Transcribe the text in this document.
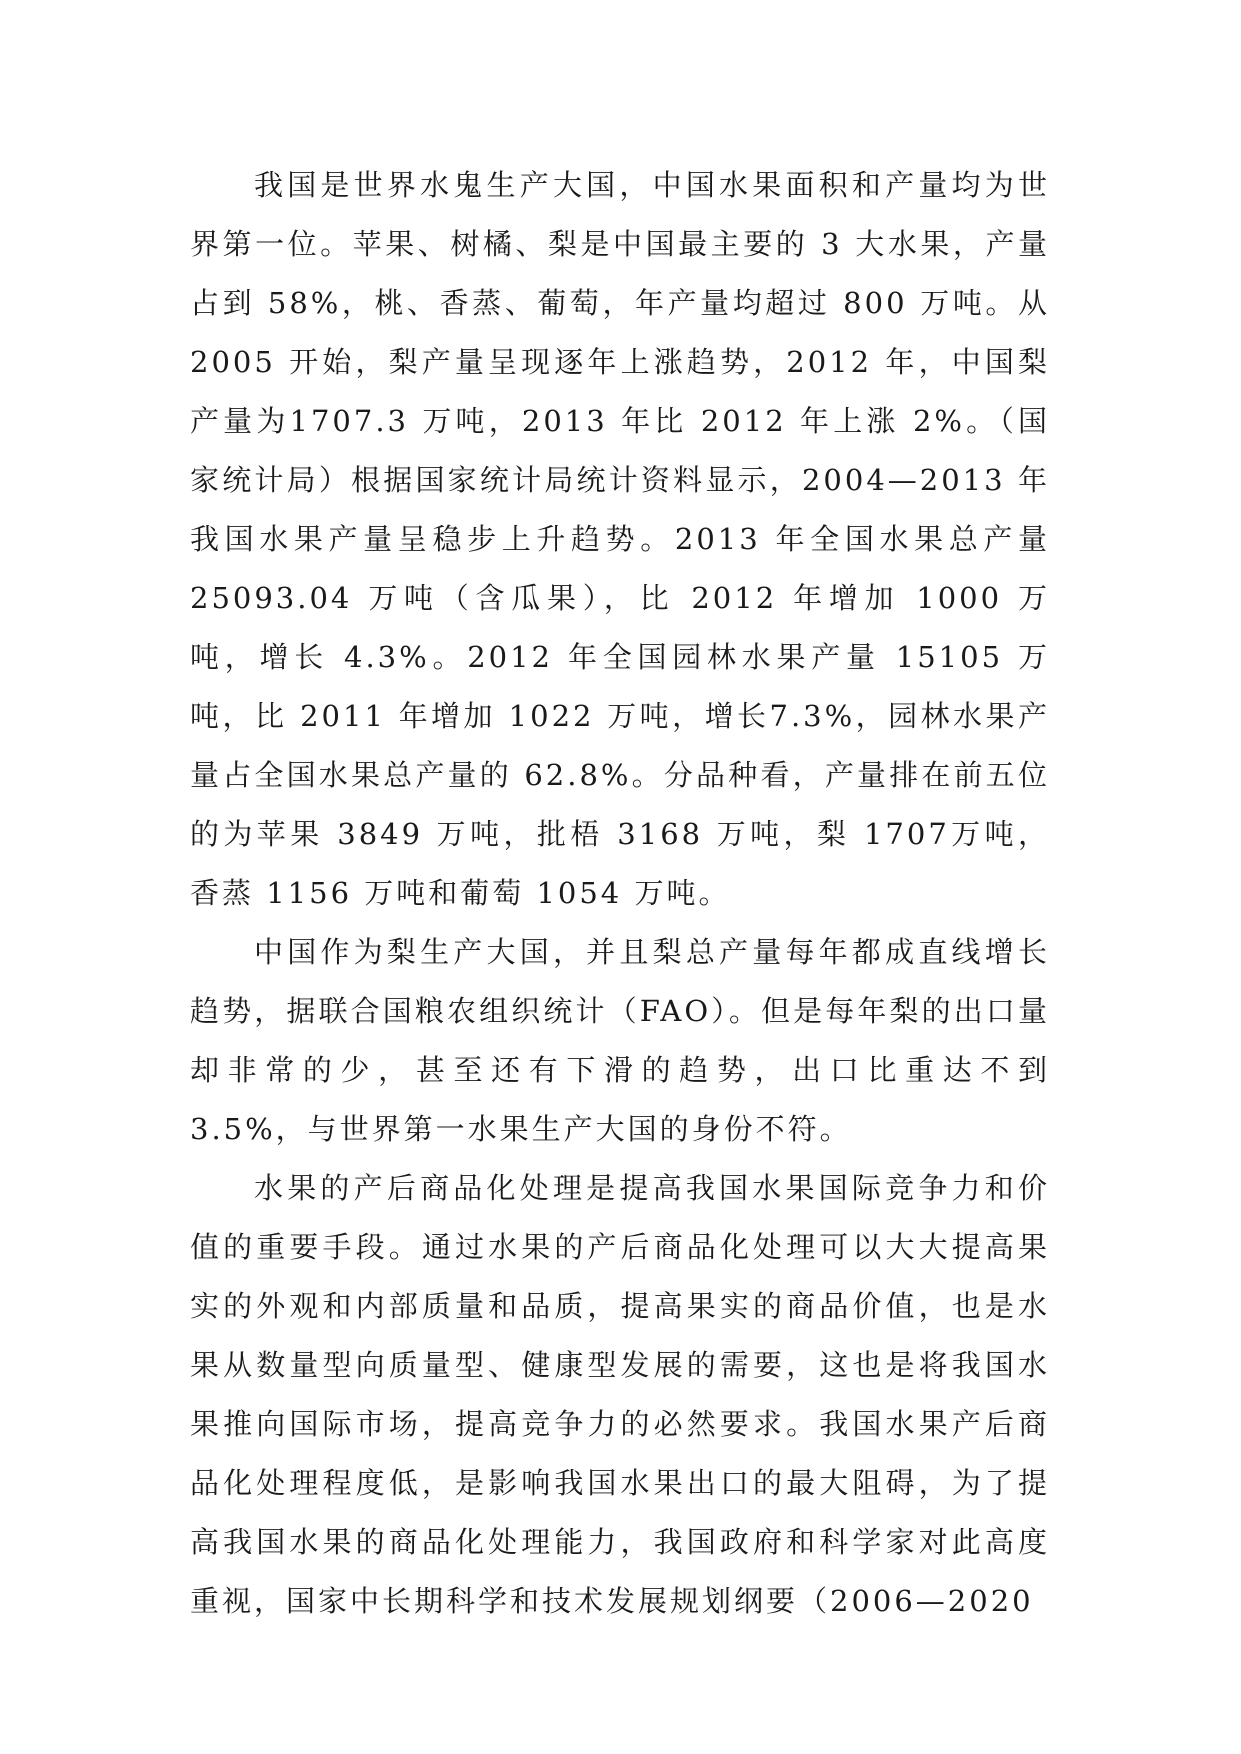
我国是世界水鬼生产大国，中国水果面积和产量均为世界第一位。苹果、树橘、梨是中国最主要的 3 大水果，产量占到 58%，桃、香蒸、葡萄，年产量均超过 800 万吨。从 2005 开始，梨产量呈现逐年上涨趋势，2012 年，中国梨产量为1707.3 万吨，2013 年比 2012 年上涨 2%。（国家统计局）根据国家统计局统计资料显示，2004—2013 年我国水果产量呈稳步上升趋势。2013 年全国水果总产量 25093.04 万吨（含瓜果），比 2012 年增加 1000 万吨，增长 4.3%。2012 年全国园林水果产量 15105 万吨，比 2011 年增加 1022 万吨，增长7.3%，园林水果产量占全国水果总产量的 62.8%。分品种看，产量排在前五位的为苹果 3849 万吨，批梧 3168 万吨，梨 1707万吨，香蒸 1156 万吨和葡萄 1054 万吨。

中国作为梨生产大国，并且梨总产量每年都成直线增长趋势，据联合国粮农组织统计（FAO）。但是每年梨的出口量却非常的少，甚至还有下滑的趋势，出口比重达不到 3.5%，与世界第一水果生产大国的身份不符。

水果的产后商品化处理是提高我国水果国际竞争力和价值的重要手段。通过水果的产后商品化处理可以大大提高果实的外观和内部质量和品质，提高果实的商品价值，也是水果从数量型向质量型、健康型发展的需要，这也是将我国水果推向国际市场，提高竞争力的必然要求。我国水果产后商品化处理程度低，是影响我国水果出口的最大阻碍，为了提高我国水果的商品化处理能力，我国政府和科学家对此高度重视，国家中长期科学和技术发展规划纲要（2006—2020
